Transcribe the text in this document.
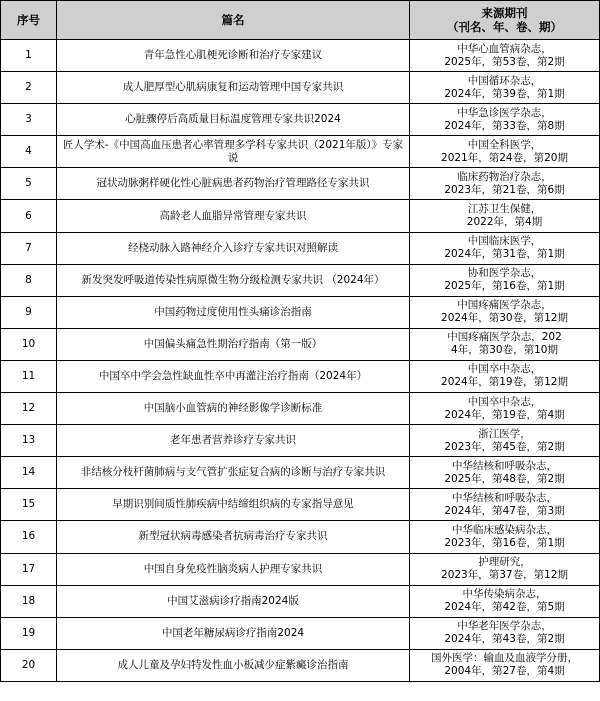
序号	篇名	来源期刊
（刊名、年、卷、期）

1	青年急性心肌梗死诊断和治疗专家建议	中华心血管病杂志，
2025年，第53卷，第2期

2	成人肥厚型心肌病康复和运动管理中国专家共识	中国循环杂志，
2024年，第39卷，第1期

3	心脏骤停后高质量目标温度管理专家共识2024	中华急诊医学杂志，
2024年，第33卷，第8期

4	匠人学术-《中国高血压患者心率管理多学科专家共识（2021年版）》专家说	中国全科医学，
2021年，第24卷，第20期

5	冠状动脉粥样硬化性心脏病患者药物治疗管理路径专家共识	临床药物治疗杂志，
2023年，第21卷，第6期

6	高龄老人血脂异常管理专家共识	江苏卫生保健，
2022年，第4期

7	经桡动脉入路神经介入诊疗专家共识对照解读	中国临床医学，
2024年，第31卷，第1期

8	新发突发呼吸道传染性病原微生物分级检测专家共识 （2024年）	协和医学杂志，
2025年，第16卷，第1期

9	中国药物过度使用性头痛诊治指南	中国疼痛医学杂志，
2024年，第30卷，第12期

10	中国偏头痛急性期治疗指南（第一版）	中国疼痛医学杂志，202
4年，第30卷，第10期

11	中国卒中学会急性缺血性卒中再灌注治疗指南（2024年）	中国卒中杂志，
2024年，第19卷，第12期

12	中国脑小血管病的神经影像学诊断标准	中国卒中杂志，
2024年，第19卷，第4期

13	老年患者营养诊疗专家共识	浙江医学，
2023年，第45卷，第2期

14	非结核分枝杆菌肺病与支气管扩张症复合病的诊断与治疗专家共识	中华结核和呼吸杂志，
2025年，第48卷，第2期

15	早期识别间质性肺疾病中结缔组织病的专家指导意见	中华结核和呼吸杂志，
2024年，第47卷，第3期

16	新型冠状病毒感染者抗病毒治疗专家共识	中华临床感染病杂志，
2023年，第16卷，第1期

17	中国自身免疫性脑炎病人护理专家共识	护理研究，
2023年，第37卷，第12期

18	中国艾滋病诊疗指南2024版	中华传染病杂志，
2024年，第42卷，第5期

19	中国老年糖尿病诊疗指南2024	中华老年医学杂志，
2024年，第43卷，第2期

20	成人儿童及孕妇特发性血小板减少症紫癜诊治指南	国外医学：输血及血液学分册，
2004年，第27卷，第4期
